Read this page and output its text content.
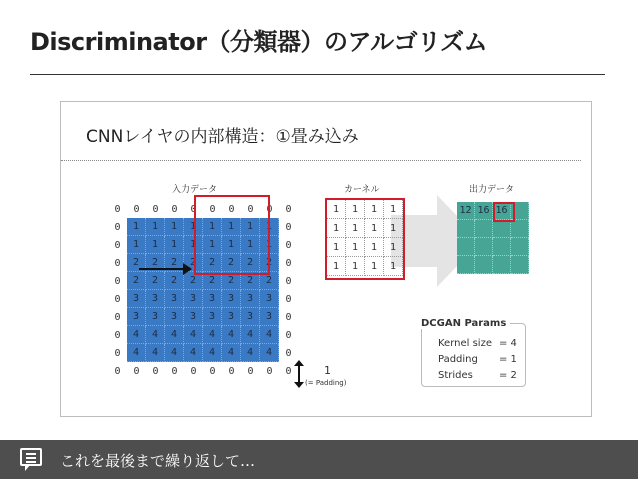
Discriminator（分類器）のアルゴリズム
CNNレイヤの内部構造：①畳み込み
入力データ	カーネル	出力データ
0	0	0	0	0	0	0	0	0	0
0	1	1	1	1	1	1	1	1	0
0	1	1	1	1	1	1	1	1	0
0	2	2	2	2	2	2	2	2	0
0	2	2	2	2	2	2	2	2	0
0	3	3	3	3	3	3	3	3	0
0	3	3	3	3	3	3	3	3	0
0	4	4	4	4	4	4	4	4	0
0	4	4	4	4	4	4	4	4	0
0	0	0	0	0	0	0	0	0	0
1	1	1	1
1	1	1	1
1	1	1	1
1	1	1	1
12 16 16
1
(= Padding)
DCGAN Params
Kernel size = 4
Padding = 1
Strides	= 2
これを最後まで繰り返して…
